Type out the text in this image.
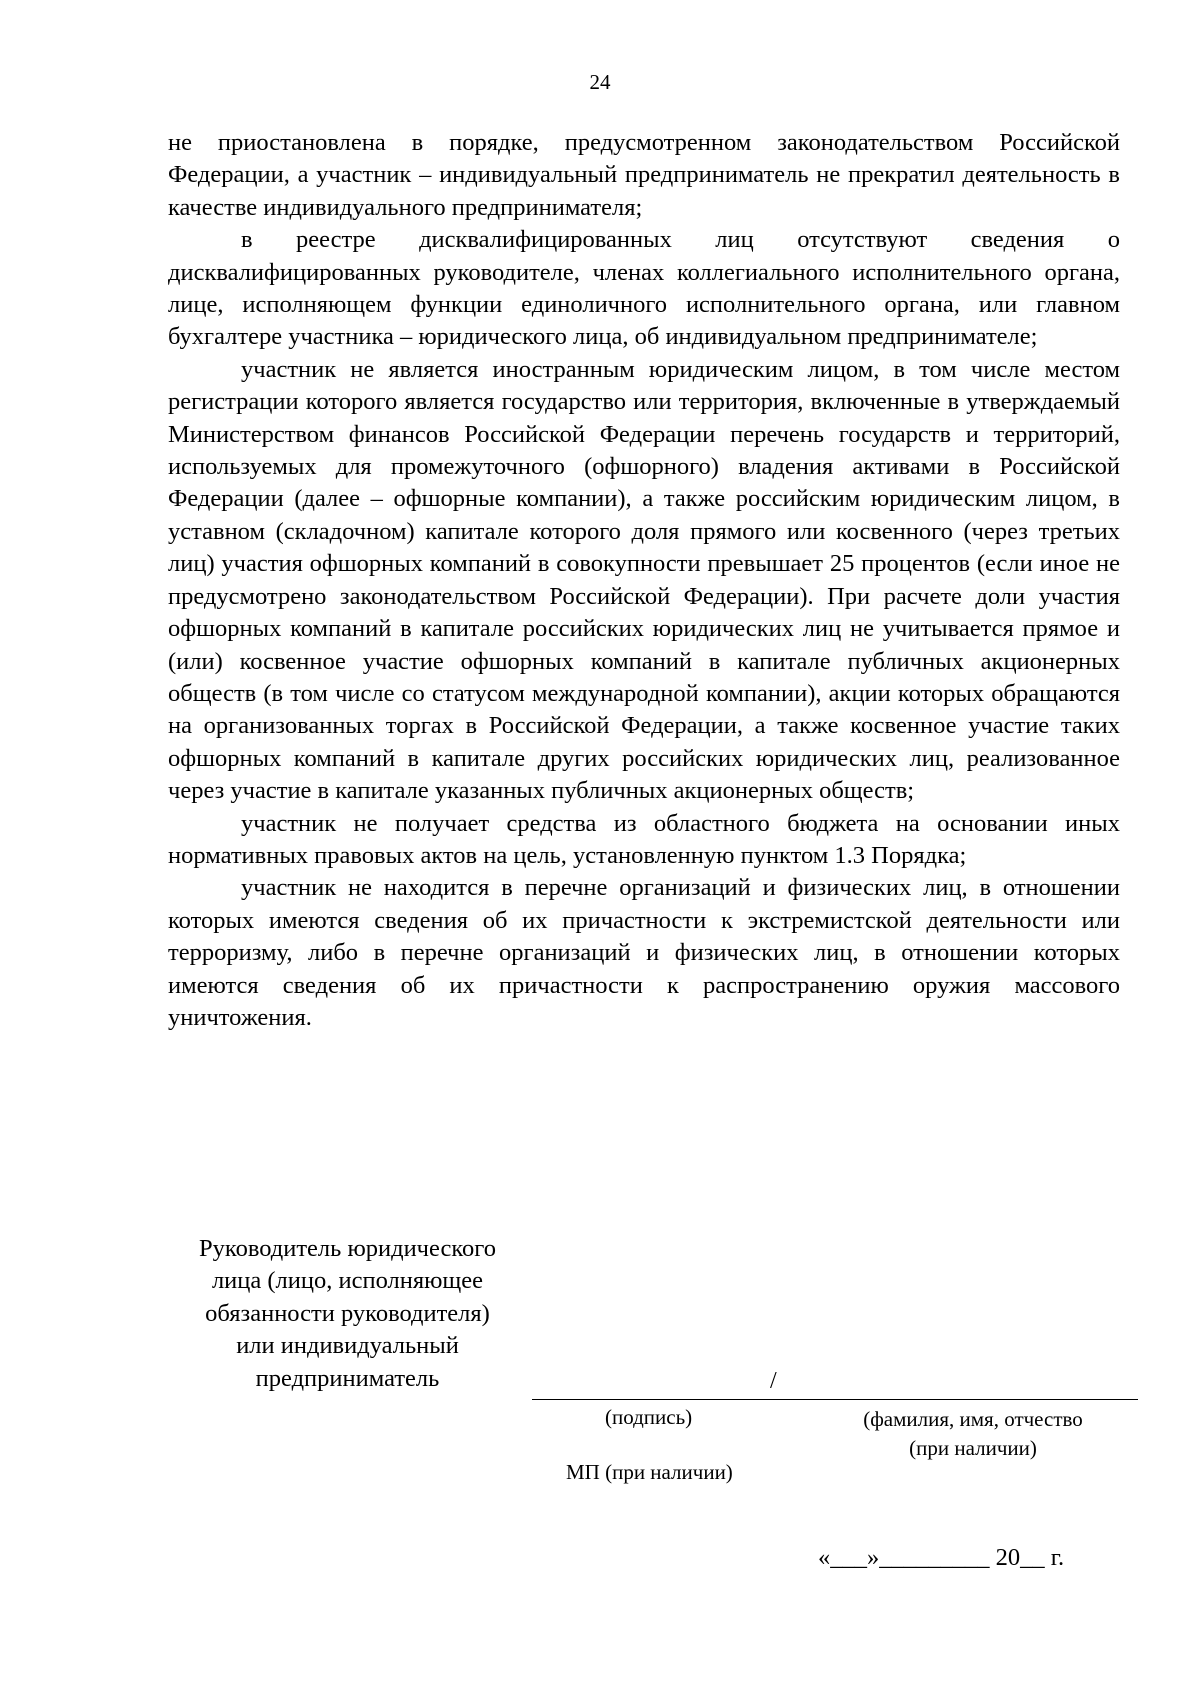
24

не приостановлена в порядке, предусмотренном законодательством Российской Федерации, а участник – индивидуальный предприниматель не прекратил деятельность в качестве индивидуального предпринимателя;

в реестре дисквалифицированных лиц отсутствуют сведения о дисквалифицированных руководителе, членах коллегиального исполнительного органа, лице, исполняющем функции единоличного исполнительного органа, или главном бухгалтере участника – юридического лица, об индивидуальном предпринимателе;

участник не является иностранным юридическим лицом, в том числе местом регистрации которого является государство или территория, включенные в утверждаемый Министерством финансов Российской Федерации перечень государств и территорий, используемых для промежуточного (офшорного) владения активами в Российской Федерации (далее – офшорные компании), а также российским юридическим лицом, в уставном (складочном) капитале которого доля прямого или косвенного (через третьих лиц) участия офшорных компаний в совокупности превышает 25 процентов (если иное не предусмотрено законодательством Российской Федерации). При расчете доли участия офшорных компаний в капитале российских юридических лиц не учитывается прямое и (или) косвенное участие офшорных компаний в капитале публичных акционерных обществ (в том числе со статусом международной компании), акции которых обращаются на организованных торгах в Российской Федерации, а также косвенное участие таких офшорных компаний в капитале других российских юридических лиц, реализованное через участие в капитале указанных публичных акционерных обществ;

участник не получает средства из областного бюджета на основании иных нормативных правовых актов на цель, установленную пунктом 1.3 Порядка;

участник не находится в перечне организаций и физических лиц, в отношении которых имеются сведения об их причастности к экстремистской деятельности или терроризму, либо в перечне организаций и физических лиц, в отношении которых имеются сведения об их причастности к распространению оружия массового уничтожения.

Руководитель юридического
лица (лицо, исполняющее
обязанности руководителя)
или индивидуальный
предприниматель	/
(подпись)	(фамилия, имя, отчество
(при наличии)
МП (при наличии)
«___»_________ 20__ г.
